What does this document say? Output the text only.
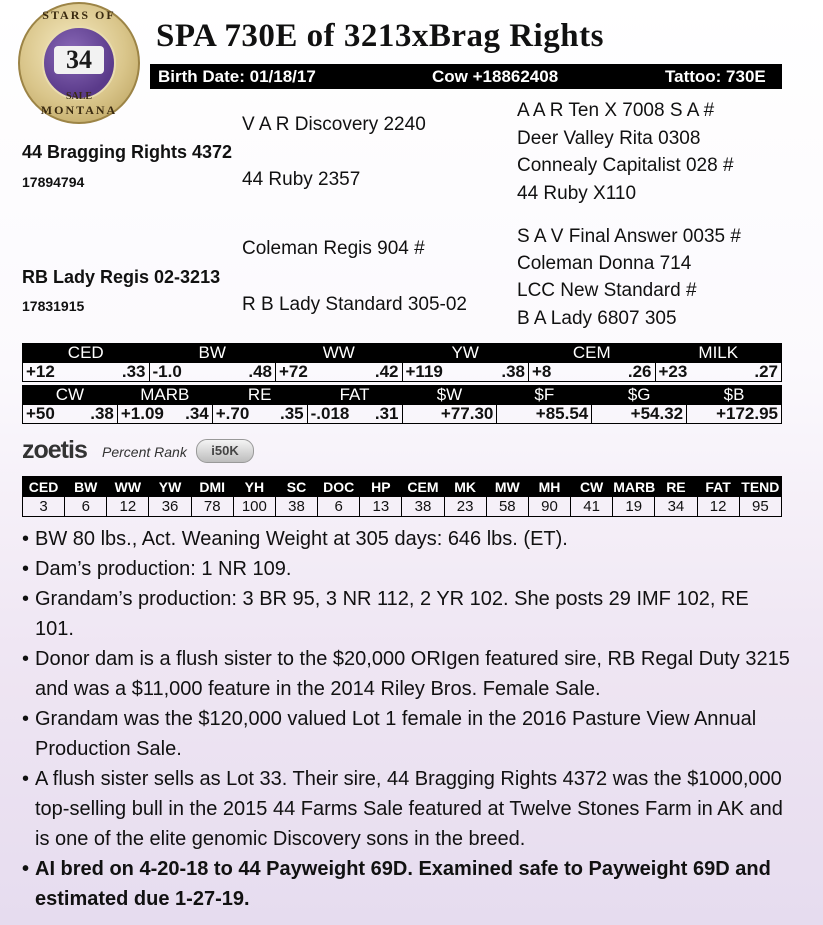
STARS OF
34
SALE
MONTANA
SPA 730E of 3213xBrag Rights
Birth Date: 01/18/17	Cow +18862408	Tattoo: 730E
V A R Discovery 2240
44 Ruby 2357
A A R Ten X 7008 S A #
Deer Valley Rita 0308
Connealy Capitalist 028 #
44 Ruby X110
44 Bragging Rights 4372
17894794
Coleman Regis 904 #
R B Lady Standard 305-02
S A V Final Answer 0035 #
Coleman Donna 714
LCC New Standard #
B A Lady 6807 305
RB Lady Regis 02-3213
17831915
CED	BW	WW	YW	CEM	MILK

+12 .33	-1.0 .48	+72 .42	+119 .38	+8 .26	+23 .27
CW	MARB	RE	FAT	$W	$F	$G	$B

+50 .38	+1.09 .34	+.70 .35	-.018 .31	+77.30	+85.54	+54.32	+172.95
zoetis Percent Rank	i50K
CED	BW	WW	YW	DMI	YH	SC	DOC	HP	CEM	MK	MW	MH	CW	MARB	RE	FAT	TEND
3	6	12	36	78	100	38	6	13	38	23	58	90	41	19	34	12	95
• BW 80 lbs., Act. Weaning Weight at 305 days: 646 lbs. (ET).
• Dam’s production: 1 NR 109.
• Grandam’s production: 3 BR 95, 3 NR 112, 2 YR 102. She posts 29 IMF 102, RE 101.
• Donor dam is a flush sister to the $20,000 ORIgen featured sire, RB Regal Duty 3215 and was a $11,000 feature in the 2014 Riley Bros. Female Sale.
• Grandam was the $120,000 valued Lot 1 female in the 2016 Pasture View Annual Production Sale.
• A flush sister sells as Lot 33. Their sire, 44 Bragging Rights 4372 was the $1000,000 top-selling bull in the 2015 44 Farms Sale featured at Twelve Stones Farm in AK and is one of the elite genomic Discovery sons in the breed.
• AI bred on 4-20-18 to 44 Payweight 69D. Examined safe to Payweight 69D and estimated due 1-27-19.
